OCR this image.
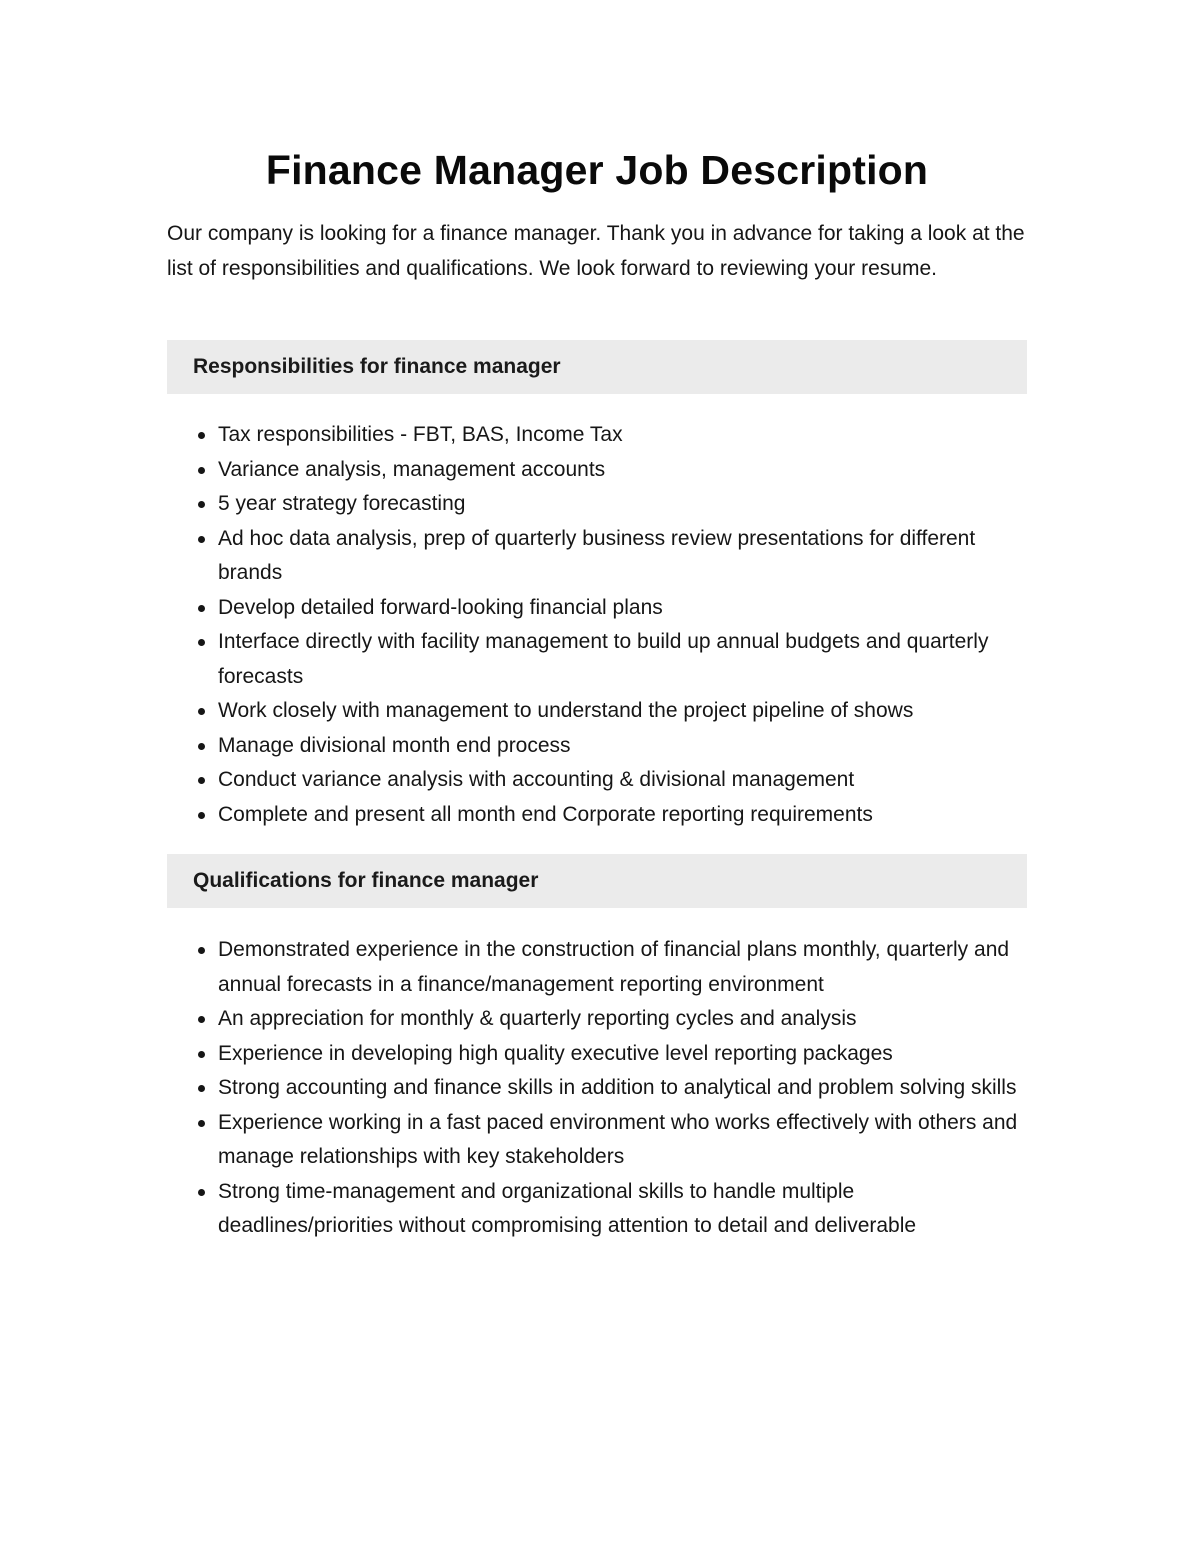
Finance Manager Job Description

Our company is looking for a finance manager. Thank you in advance for taking a look at the list of responsibilities and qualifications. We look forward to reviewing your resume.

Responsibilities for finance manager
Tax responsibilities - FBT, BAS, Income Tax
Variance analysis, management accounts
5 year strategy forecasting
Ad hoc data analysis, prep of quarterly business review presentations for different brands
Develop detailed forward-looking financial plans
Interface directly with facility management to build up annual budgets and quarterly forecasts
Work closely with management to understand the project pipeline of shows
Manage divisional month end process
Conduct variance analysis with accounting & divisional management
Complete and present all month end Corporate reporting requirements
Qualifications for finance manager
Demonstrated experience in the construction of financial plans monthly, quarterly and annual forecasts in a finance/management reporting environment
An appreciation for monthly & quarterly reporting cycles and analysis
Experience in developing high quality executive level reporting packages
Strong accounting and finance skills in addition to analytical and problem solving skills
Experience working in a fast paced environment who works effectively with others and manage relationships with key stakeholders
Strong time-management and organizational skills to handle multiple deadlines/priorities without compromising attention to detail and deliverable
